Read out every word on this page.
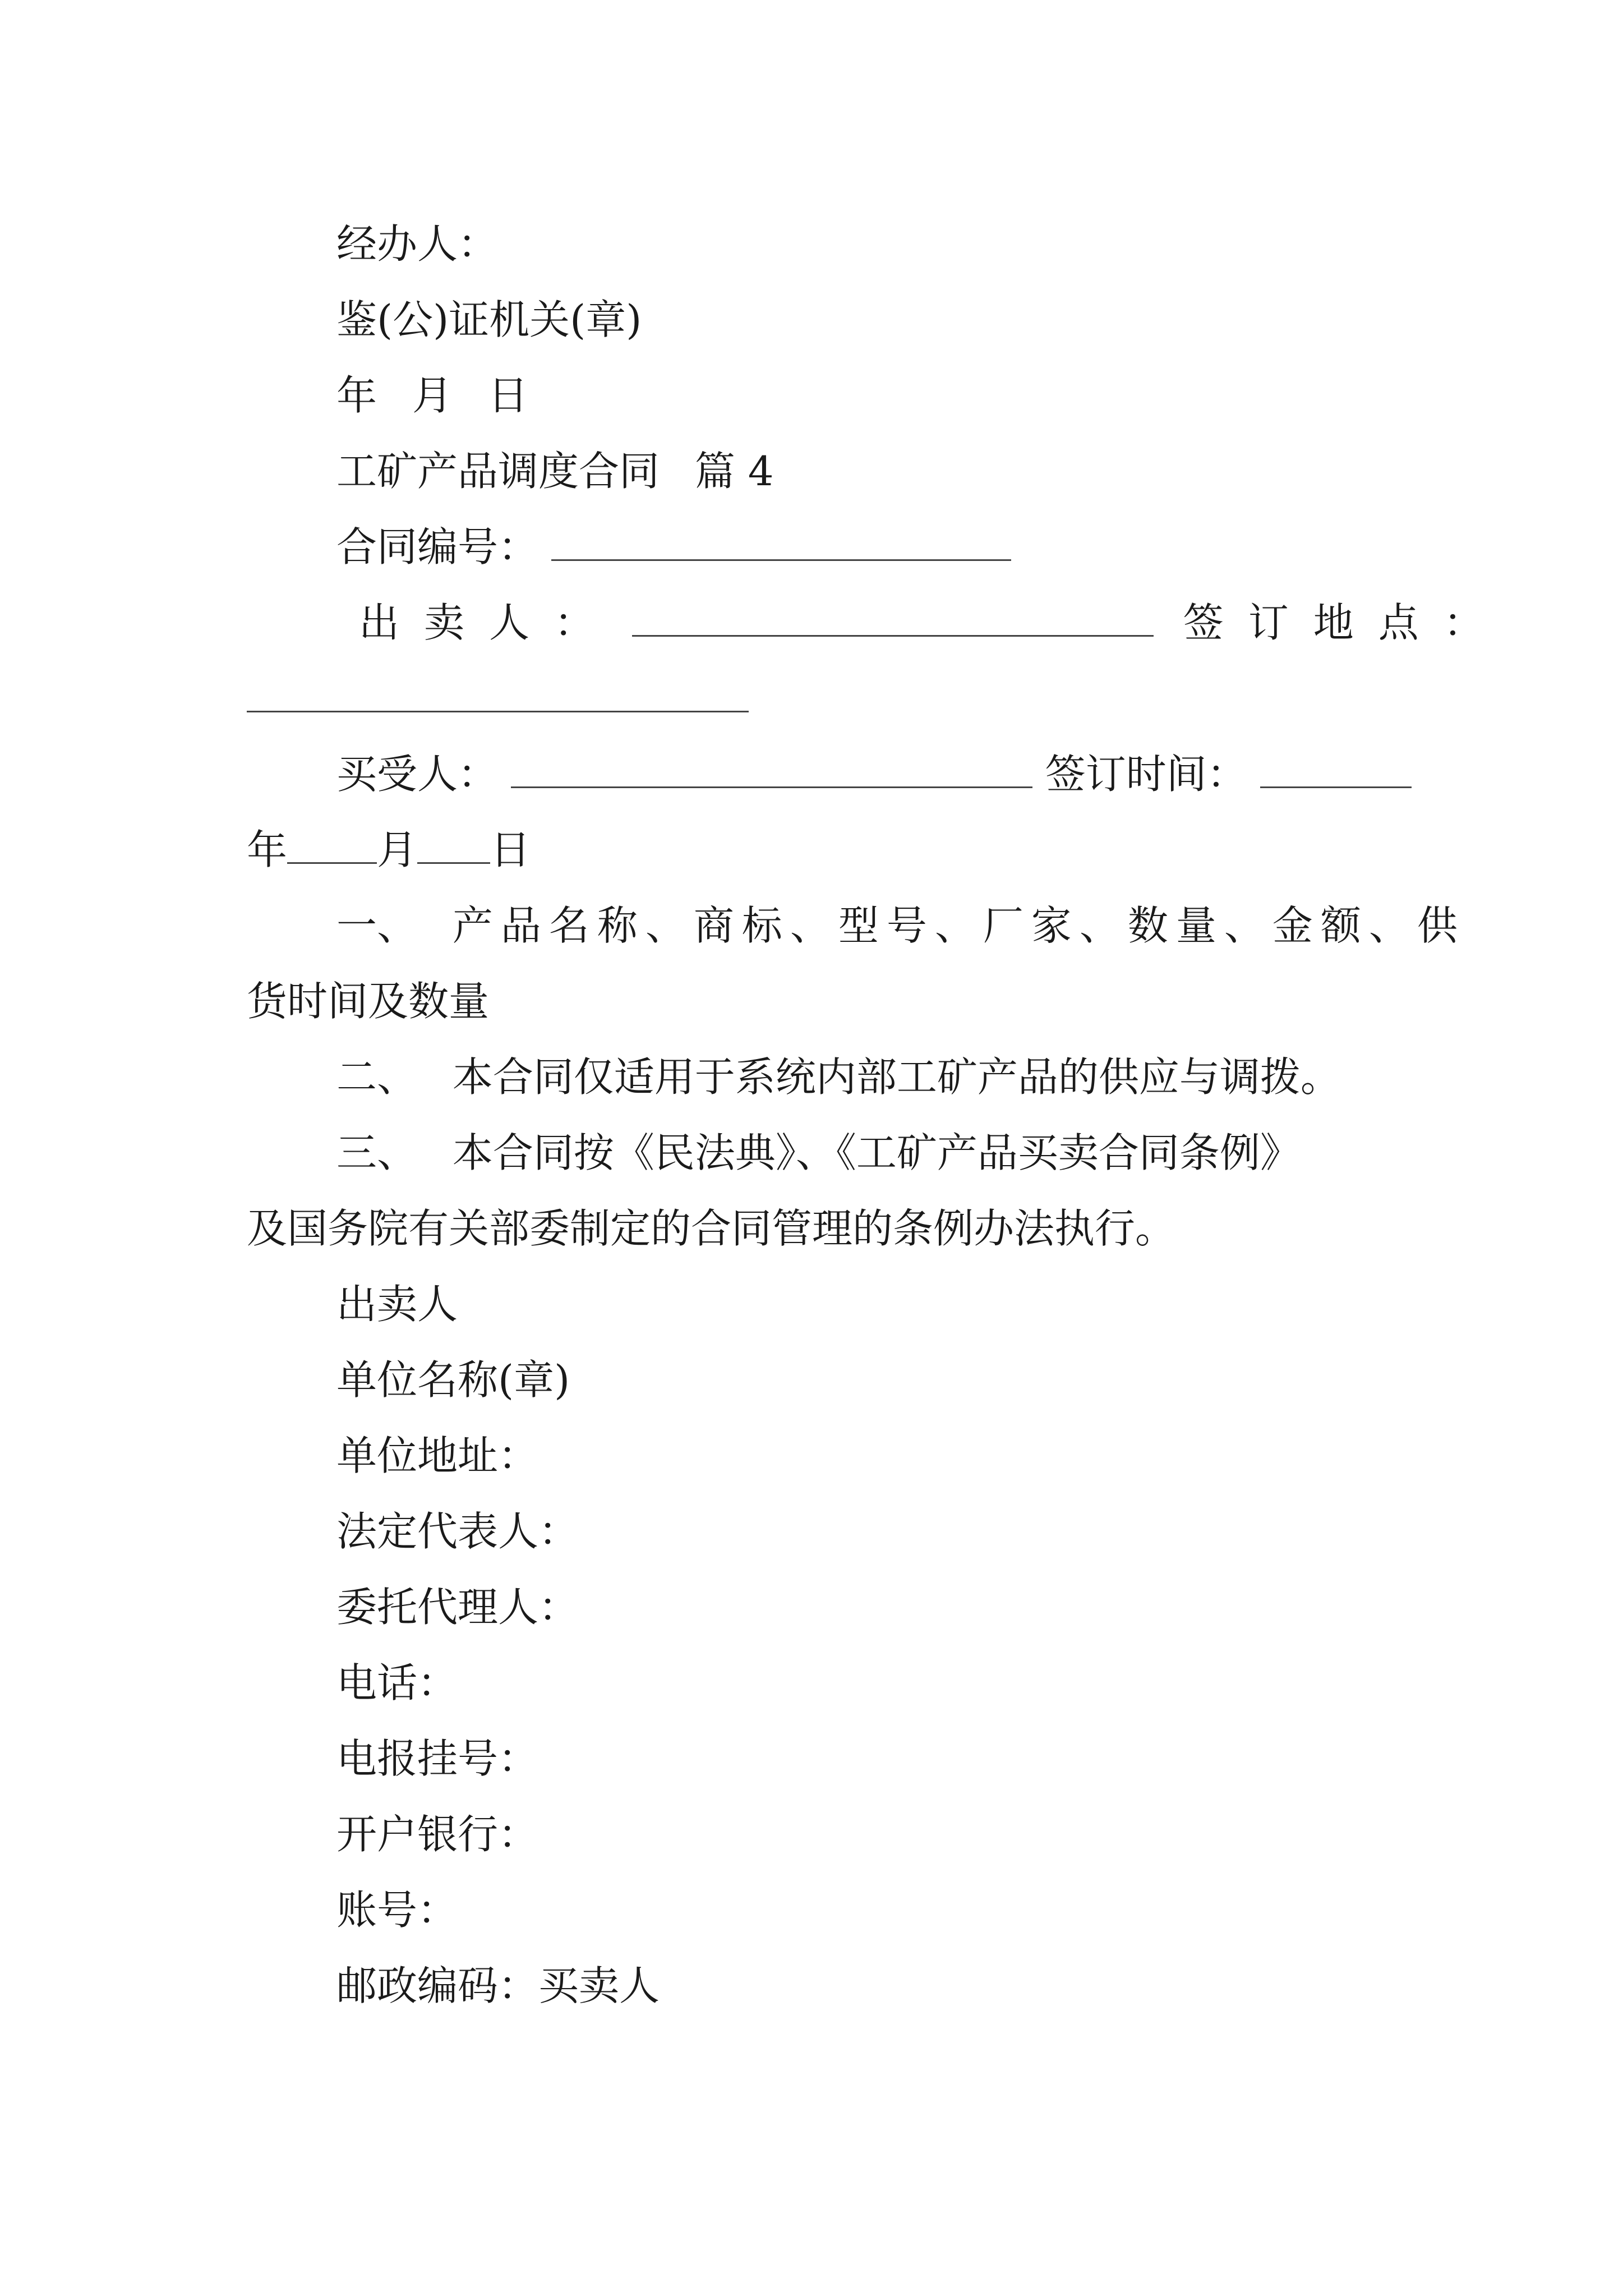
经办人：
鉴(公)证机关(章)
年 月 日
工矿产品调度合同 篇 4
合同编号：
出卖人：	签订地点：
买受人：	签订时间：
年 月 日
一、 产品名称、商标、型号、厂家、数量、金额、供
货时间及数量
二、 本合同仅适用于系统内部工矿产品的供应与调拨。
三、 本合同按《民法典》、《工矿产品买卖合同条例》
及国务院有关部委制定的合同管理的条例办法执行。
出卖人
单位名称(章)
单位地址：
法定代表人：
委托代理人：
电话：
电报挂号：
开户银行：
账号：
邮政编码：买卖人
